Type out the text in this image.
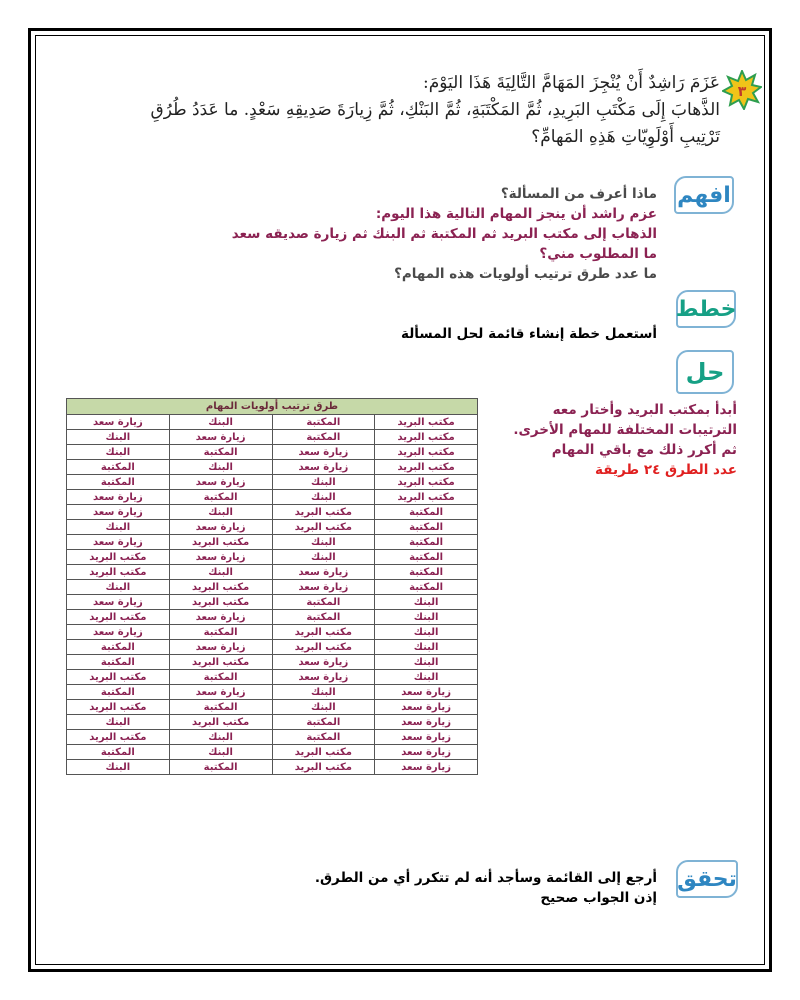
٣
عَزَمَ رَاشِدٌ أَنْ يُنْجِزَ المَهَامَّ التَّالِيَةَ هَذَا اليَوْمَ:
الذَّهابَ إِلَى مَكْتَبِ البَرِيدِ، ثُمَّ المَكْتَبَةِ، ثُمَّ البَنْكِ، ثُمَّ زِيارَةَ صَدِيقِهِ سَعْدٍ. ما عَدَدُ طُرُقِ
تَرْتِيبِ أَوْلَوِيّاتِ هَذِهِ المَهامِّ؟
افهم
ماذا أعرف من المسألة؟
عزم راشد أن ينجز المهام التالية هذا اليوم:
الذهاب إلى مكتب البريد ثم المكتبة ثم البنك ثم زيارة صديقه سعد
ما المطلوب مني؟
ما عدد طرق ترتيب أولويات هذه المهام؟
خطط
أستعمل خطة إنشاء قائمة لحل المسألة
حل
أبدأ بمكتب البريد وأختار معه
الترتيبات المختلفة للمهام الأخرى.
ثم أكرر ذلك مع باقي المهام
عدد الطرق ٢٤ طريقة
طرق ترتيب أولويات المهام			
مكتب البريد	المكتبة	البنك	زيارة سعد
مكتب البريد	المكتبة	زيارة سعد	البنك
مكتب البريد	زيارة سعد	المكتبة	البنك
مكتب البريد	زيارة سعد	البنك	المكتبة
مكتب البريد	البنك	زيارة سعد	المكتبة
مكتب البريد	البنك	المكتبة	زيارة سعد
المكتبة	مكتب البريد	البنك	زيارة سعد
المكتبة	مكتب البريد	زيارة سعد	البنك
المكتبة	البنك	مكتب البريد	زيارة سعد
المكتبة	البنك	زيارة سعد	مكتب البريد
المكتبة	زيارة سعد	البنك	مكتب البريد
المكتبة	زيارة سعد	مكتب البريد	البنك
البنك	المكتبة	مكتب البريد	زيارة سعد
البنك	المكتبة	زيارة سعد	مكتب البريد
البنك	مكتب البريد	المكتبة	زيارة سعد
البنك	مكتب البريد	زيارة سعد	المكتبة
البنك	زيارة سعد	مكتب البريد	المكتبة
البنك	زيارة سعد	المكتبة	مكتب البريد
زيارة سعد	البنك	زيارة سعد	المكتبة
زيارة سعد	البنك	المكتبة	مكتب البريد
زيارة سعد	المكتبة	مكتب البريد	البنك
زيارة سعد	المكتبة	البنك	مكتب البريد
زيارة سعد	مكتب البريد	البنك	المكتبة
زيارة سعد	مكتب البريد	المكتبة	البنك
تحقق
أرجع إلى القائمة وسأجد أنه لم تتكرر أي من الطرق.
إذن الجواب صحيح
